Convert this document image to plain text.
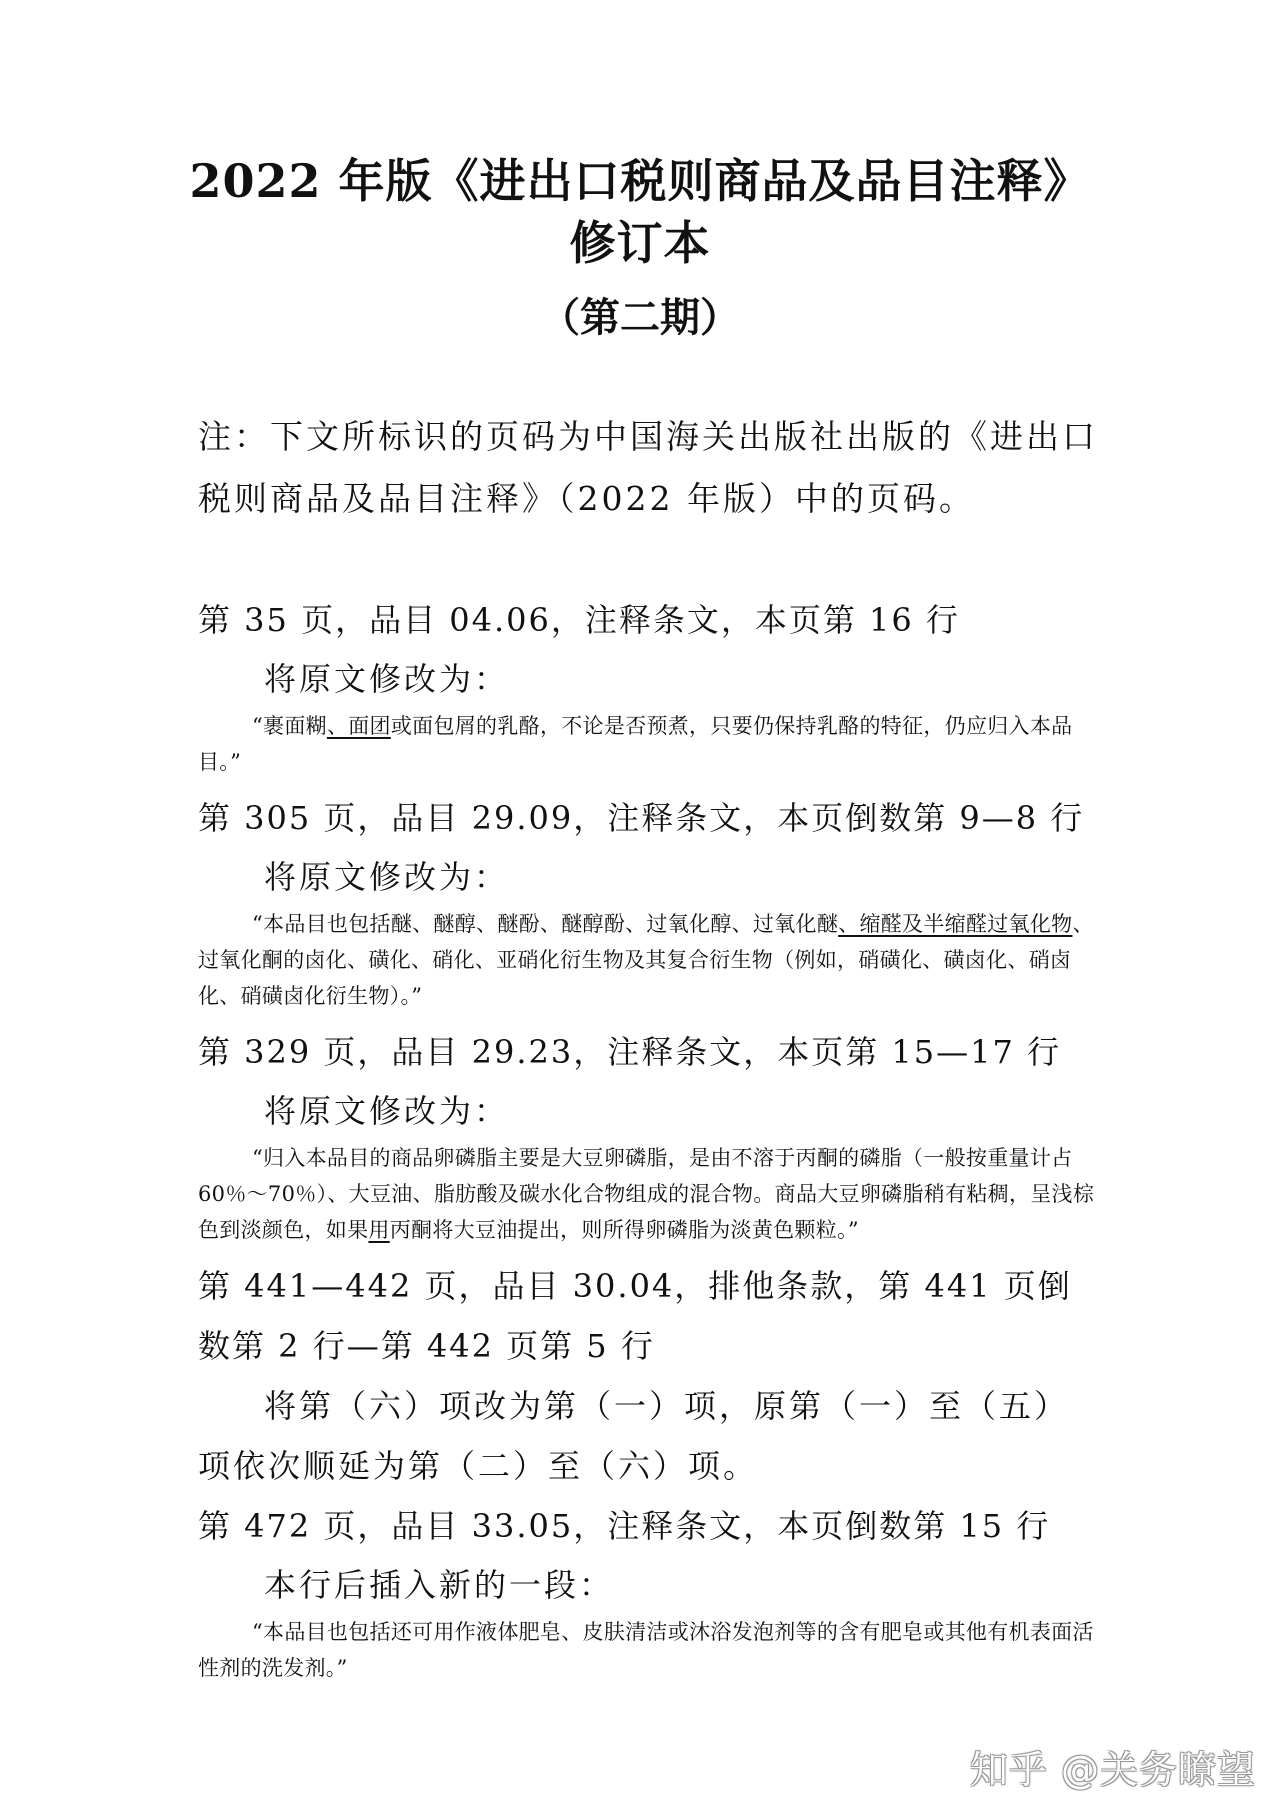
2022 年版《进出口税则商品及品目注释》
修订本
（第二期）
注：下文所标识的页码为中国海关出版社出版的《进出口税则商品及品目注释》（2022 年版）中的页码。
第 35 页，品目 04.06，注释条文，本页第 16 行
将原文修改为：
“裹面糊、面团或面包屑的乳酪，不论是否预煮，只要仍保持乳酪的特征，仍应归入本品目。”
第 305 页，品目 29.09，注释条文，本页倒数第 9—8 行
将原文修改为：
“本品目也包括醚、醚醇、醚酚、醚醇酚、过氧化醇、过氧化醚、缩醛及半缩醛过氧化物、过氧化酮的卤化、磺化、硝化、亚硝化衍生物及其复合衍生物（例如，硝磺化、磺卤化、硝卤化、硝磺卤化衍生物）。”
第 329 页，品目 29.23，注释条文，本页第 15—17 行
将原文修改为：
“归入本品目的商品卵磷脂主要是大豆卵磷脂，是由不溶于丙酮的磷脂（一般按重量计占60％～70％）、大豆油、脂肪酸及碳水化合物组成的混合物。商品大豆卵磷脂稍有粘稠，呈浅棕色到淡颜色，如果用丙酮将大豆油提出，则所得卵磷脂为淡黄色颗粒。”
第 441—442 页，品目 30.04，排他条款，第 441 页倒数第 2 行—第 442 页第 5 行
将第（六）项改为第（一）项，原第（一）至（五）项依次顺延为第（二）至（六）项。
第 472 页，品目 33.05，注释条文，本页倒数第 15 行
本行后插入新的一段：
“本品目也包括还可用作液体肥皂、皮肤清洁或沐浴发泡剂等的含有肥皂或其他有机表面活性剂的洗发剂。”
知乎 @关务瞭望
